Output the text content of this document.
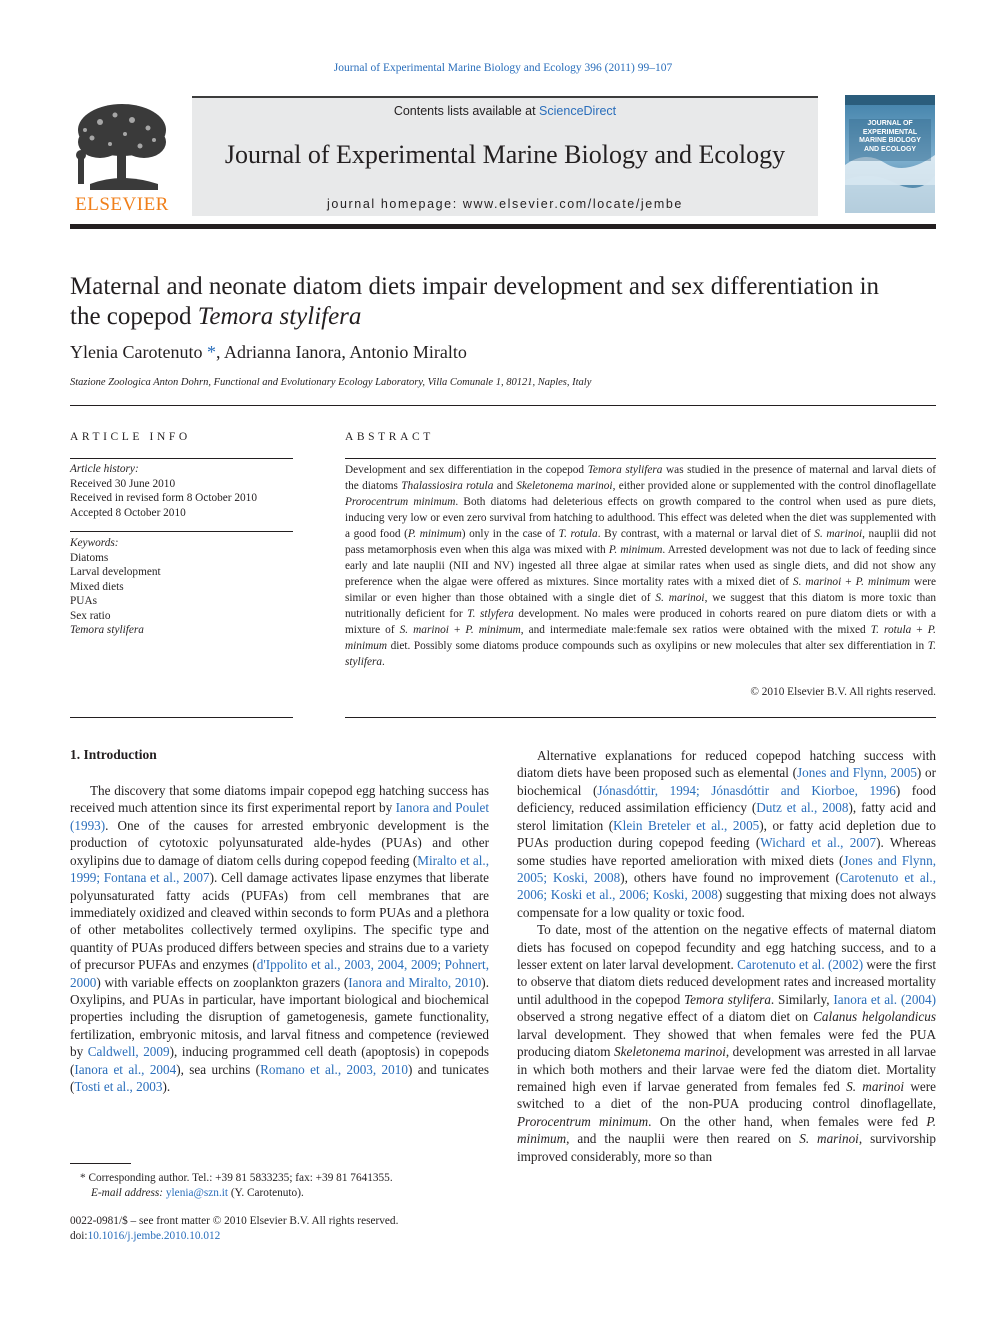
Journal of Experimental Marine Biology and Ecology 396 (2011) 99–107
ELSEVIER
Contents lists available at ScienceDirect
Journal of Experimental Marine Biology and Ecology
journal homepage: www.elsevier.com/locate/jembe
JOURNAL OF
EXPERIMENTAL
MARINE BIOLOGY
AND ECOLOGY
Maternal and neonate diatom diets impair development and sex differentiation in
the copepod Temora stylifera
Ylenia Carotenuto *, Adrianna Ianora, Antonio Miralto
Stazione Zoologica Anton Dohrn, Functional and Evolutionary Ecology Laboratory, Villa Comunale 1, 80121, Naples, Italy
ARTICLE INFO
Article history:
Received 30 June 2010
Received in revised form 8 October 2010
Accepted 8 October 2010
Keywords:
Diatoms
Larval development
Mixed diets
PUAs
Sex ratio
Temora stylifera
ABSTRACT
Development and sex differentiation in the copepod Temora stylifera was studied in the presence of maternal and larval diets of the diatoms Thalassiosira rotula and Skeletonema marinoi, either provided alone or supplemented with the control dinoflagellate Prorocentrum minimum. Both diatoms had deleterious effects on growth compared to the control when used as pure diets, inducing very low or even zero survival from hatching to adulthood. This effect was deleted when the diet was supplemented with a good food (P. minimum) only in the case of T. rotula. By contrast, with a maternal or larval diet of S. marinoi, nauplii did not pass metamorphosis even when this alga was mixed with P. minimum. Arrested development was not due to lack of feeding since early and late nauplii (NII and NV) ingested all three algae at similar rates when used as single diets, and did not show any preference when the algae were offered as mixtures. Since mortality rates with a mixed diet of S. marinoi + P. minimum were similar or even higher than those obtained with a single diet of S. marinoi, we suggest that this diatom is more toxic than nutritionally deficient for T. stlyfera development. No males were produced in cohorts reared on pure diatom diets or with a mixture of S. marinoi + P. minimum, and intermediate male:female sex ratios were obtained with the mixed T. rotula + P. minimum diet. Possibly some diatoms produce compounds such as oxylipins or new molecules that alter sex differentiation in T. stylifera.
© 2010 Elsevier B.V. All rights reserved.
1. Introduction

The discovery that some diatoms impair copepod egg hatching success has received much attention since its first experimental report by Ianora and Poulet (1993). One of the causes for arrested embryonic development is the production of cytotoxic polyunsaturated alde-hydes (PUAs) and other oxylipins due to damage of diatom cells during copepod feeding (Miralto et al., 1999; Fontana et al., 2007). Cell damage activates lipase enzymes that liberate polyunsaturated fatty acids (PUFAs) from cell membranes that are immediately oxidized and cleaved within seconds to form PUAs and a plethora of other metabolites collectively termed oxylipins. The specific type and quantity of PUAs produced differs between species and strains due to a variety of precursor PUFAs and enzymes (d'Ippolito et al., 2003, 2004, 2009; Pohnert, 2000) with variable effects on zooplankton grazers (Ianora and Miralto, 2010). Oxylipins, and PUAs in particular, have important biological and biochemical properties including the disruption of gametogenesis, gamete functionality, fertilization, embryonic mitosis, and larval fitness and competence (reviewed by Caldwell, 2009), inducing programmed cell death (apoptosis) in copepods (Ianora et al., 2004), sea urchins (Romano et al., 2003, 2010) and tunicates (Tosti et al., 2003).

Alternative explanations for reduced copepod hatching success with diatom diets have been proposed such as elemental (Jones and Flynn, 2005) or biochemical (Jónasdóttir, 1994; Jónasdóttir and Kiorboe, 1996) food deficiency, reduced assimilation efficiency (Dutz et al., 2008), fatty acid and sterol limitation (Klein Breteler et al., 2005), or fatty acid depletion due to PUAs production during copepod feeding (Wichard et al., 2007). Whereas some studies have reported amelioration with mixed diets (Jones and Flynn, 2005; Koski, 2008), others have found no improvement (Carotenuto et al., 2006; Koski et al., 2006; Koski, 2008) suggesting that mixing does not always compensate for a low quality or toxic food.

To date, most of the attention on the negative effects of maternal diatom diets has focused on copepod fecundity and egg hatching success, and to a lesser extent on later larval development. Carotenuto et al. (2002) were the first to observe that diatom diets reduced development rates and increased mortality until adulthood in the copepod Temora stylifera. Similarly, Ianora et al. (2004) observed a strong negative effect of a diatom diet on Calanus helgolandicus larval development. They showed that when females were fed the PUA producing diatom Skeletonema marinoi, development was arrested in all larvae in which both mothers and their larvae were fed the diatom diet. Mortality remained high even if larvae generated from females fed S. marinoi were switched to a diet of the non-PUA producing control dinoflagellate, Prorocentrum minimum. On the other hand, when females were fed P. minimum, and the nauplii were then reared on S. marinoi, survivorship improved considerably, more so than

* Corresponding author. Tel.: +39 81 5833235; fax: +39 81 7641355.
E-mail address: ylenia@szn.it (Y. Carotenuto).
0022-0981/$ – see front matter © 2010 Elsevier B.V. All rights reserved.
doi:10.1016/j.jembe.2010.10.012
